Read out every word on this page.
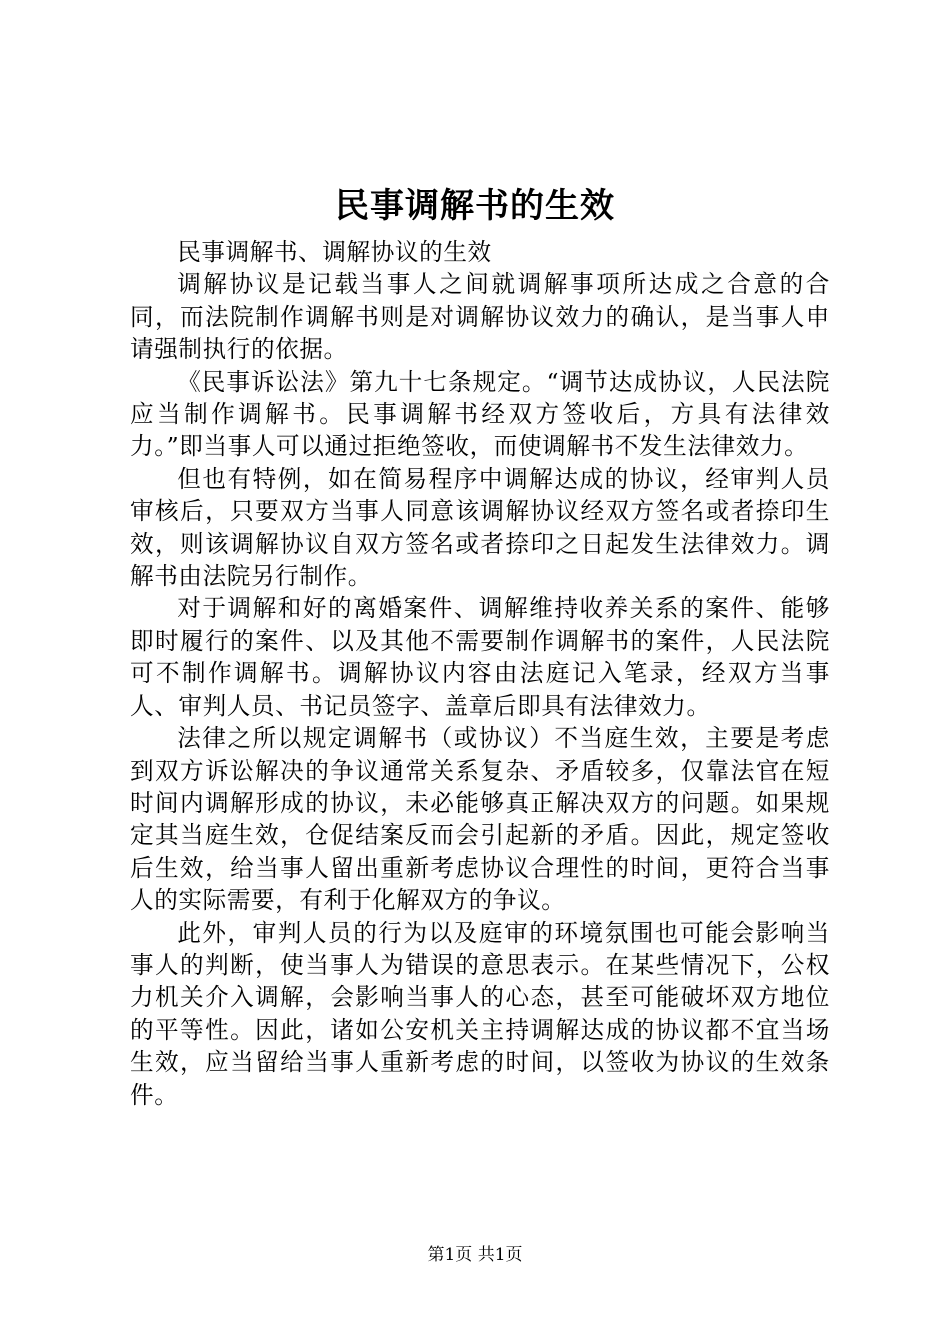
民事调解书的生效

民事调解书、调解协议的生效

调解协议是记载当事人之间就调解事项所达成之合意的合同，而法院制作调解书则是对调解协议效力的确认，是当事人申请强制执行的依据。

《民事诉讼法》第九十七条规定。“调节达成协议，人民法院应当制作调解书。民事调解书经双方签收后，方具有法律效力。”即当事人可以通过拒绝签收，而使调解书不发生法律效力。

但也有特例，如在简易程序中调解达成的协议，经审判人员审核后，只要双方当事人同意该调解协议经双方签名或者捺印生效，则该调解协议自双方签名或者捺印之日起发生法律效力。调解书由法院另行制作。

对于调解和好的离婚案件、调解维持收养关系的案件、能够即时履行的案件、以及其他不需要制作调解书的案件，人民法院可不制作调解书。调解协议内容由法庭记入笔录，经双方当事人、审判人员、书记员签字、盖章后即具有法律效力。

法律之所以规定调解书（或协议）不当庭生效，主要是考虑到双方诉讼解决的争议通常关系复杂、矛盾较多，仅靠法官在短时间内调解形成的协议，未必能够真正解决双方的问题。如果规定其当庭生效，仓促结案反而会引起新的矛盾。因此，规定签收后生效，给当事人留出重新考虑协议合理性的时间，更符合当事人的实际需要，有利于化解双方的争议。

此外，审判人员的行为以及庭审的环境氛围也可能会影响当事人的判断，使当事人为错误的意思表示。在某些情况下，公权力机关介入调解，会影响当事人的心态，甚至可能破坏双方地位的平等性。因此，诸如公安机关主持调解达成的协议都不宜当场生效，应当留给当事人重新考虑的时间，以签收为协议的生效条件。

第1页 共1页
